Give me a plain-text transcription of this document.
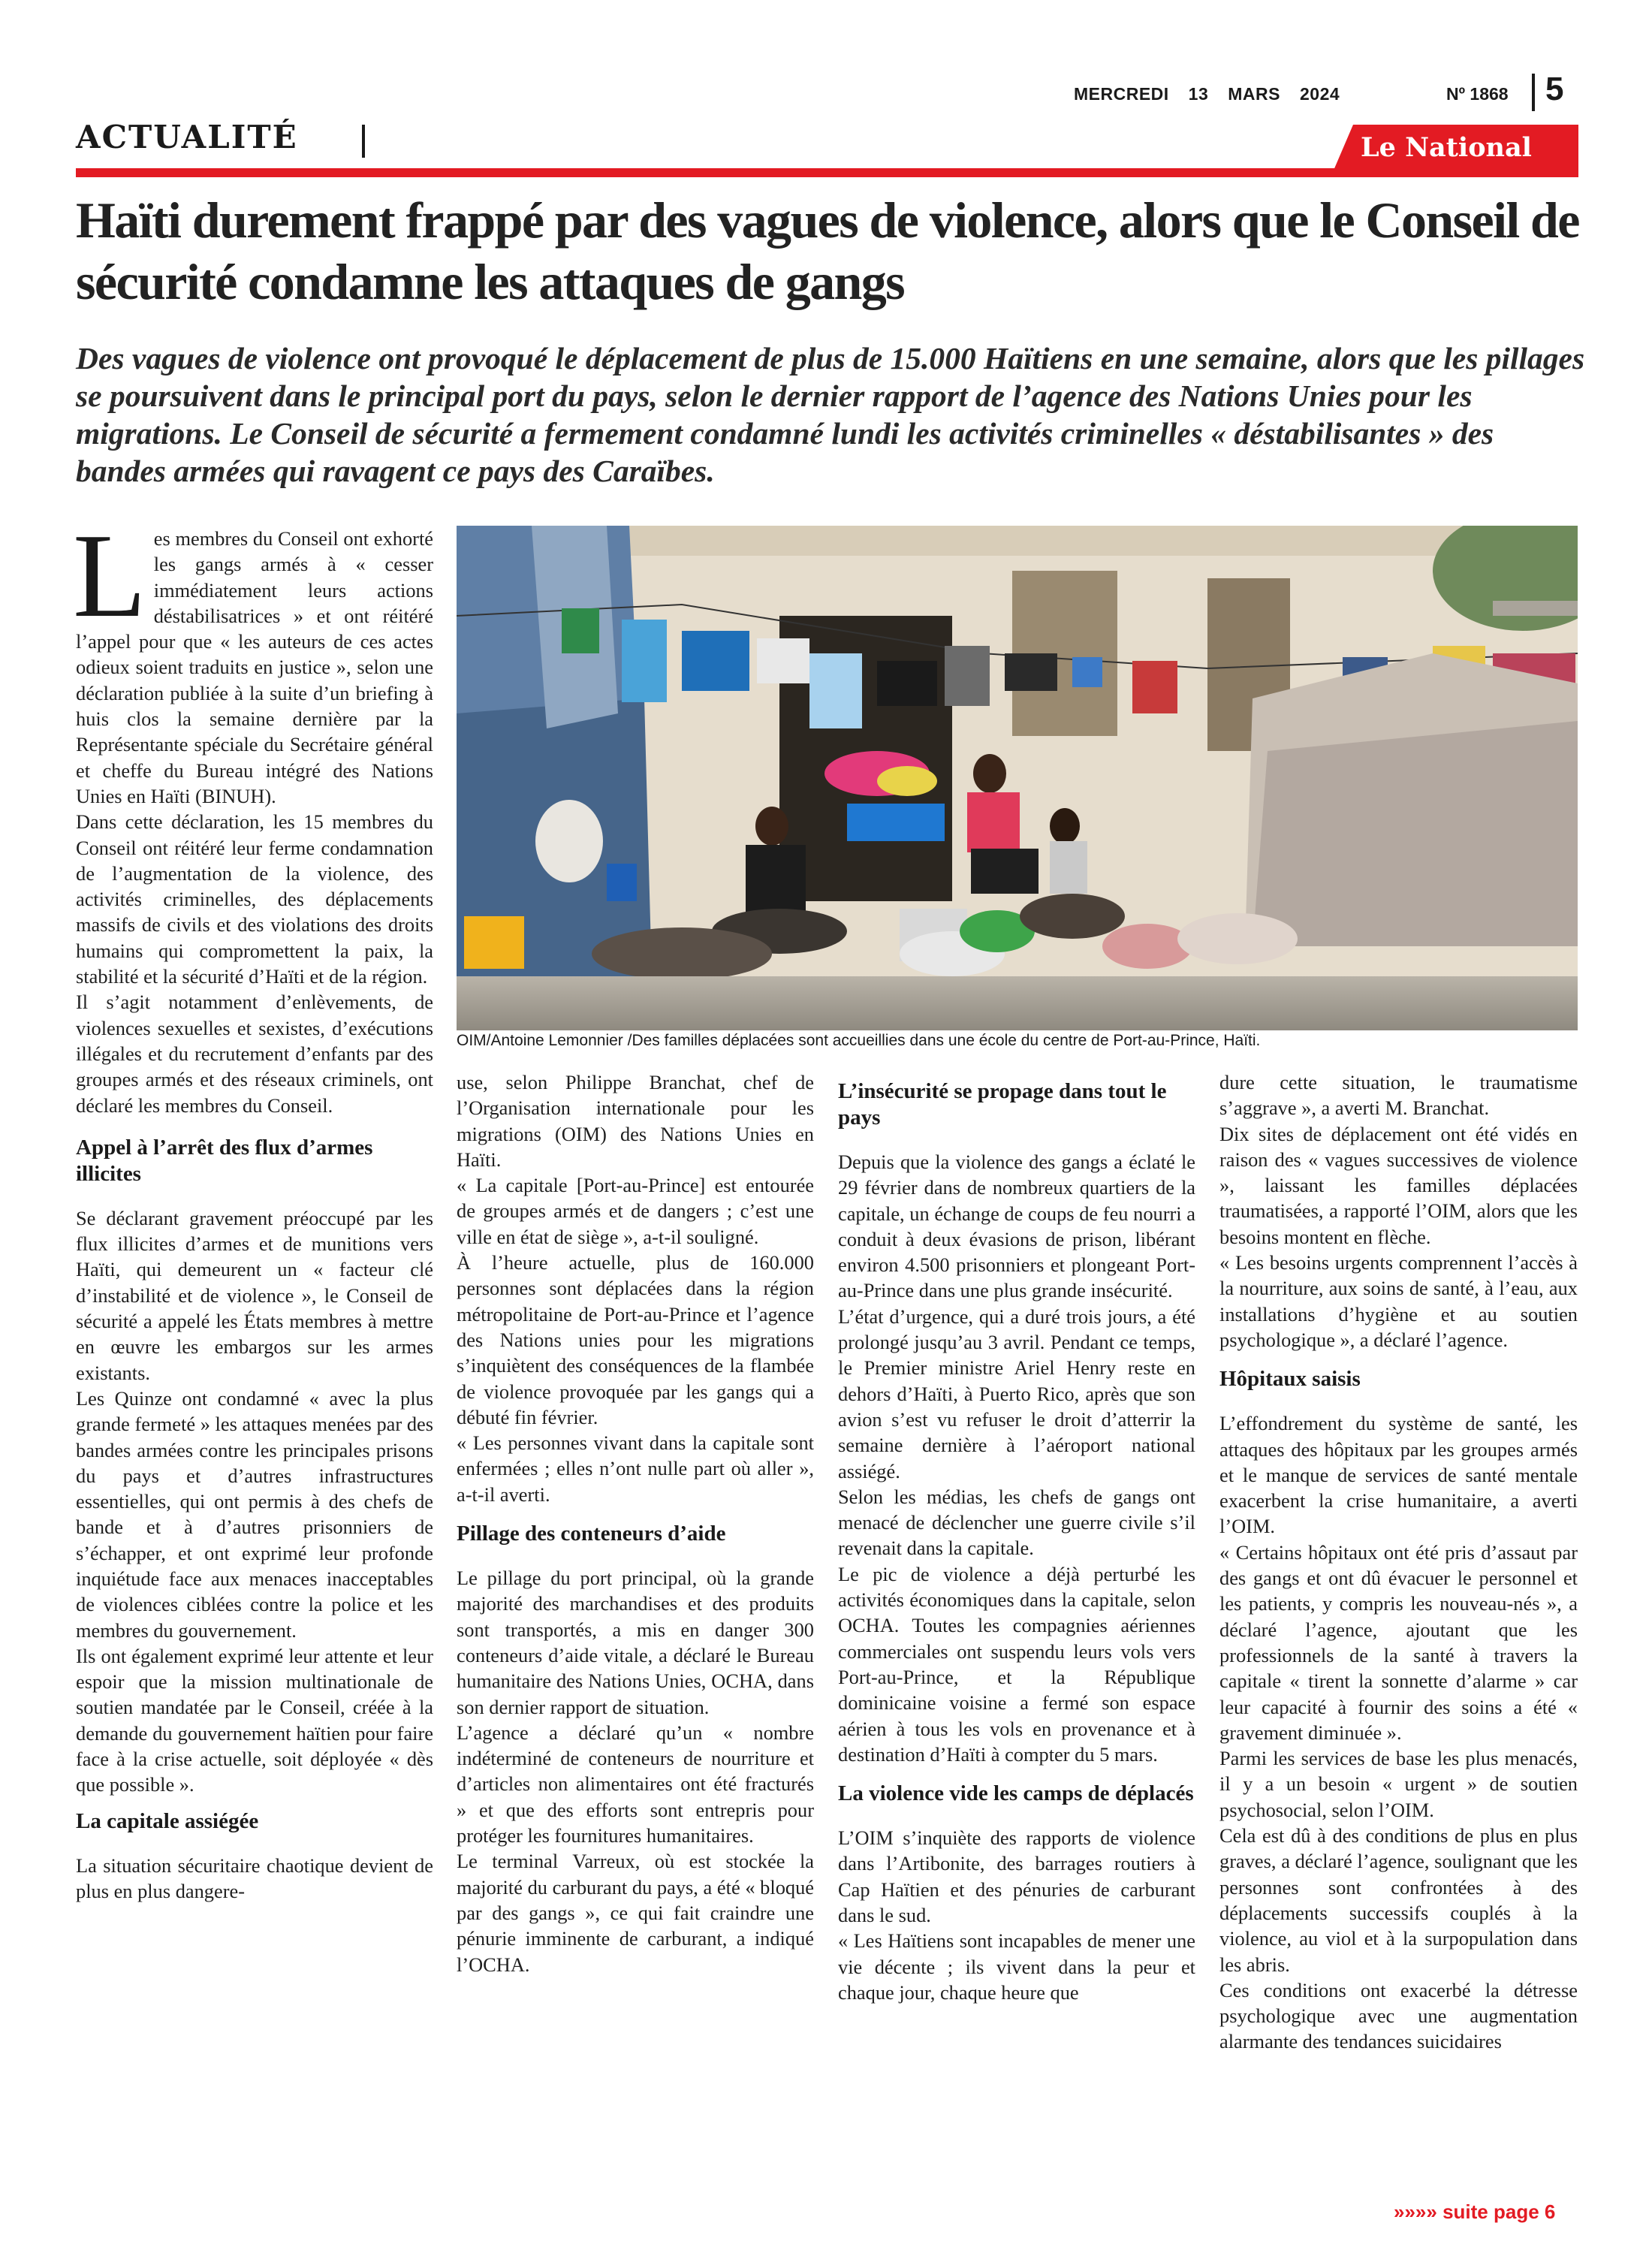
MERCREDI 13 MARS 2024	Nº 1868 5
ACTUALITÉ	Le National
Haïti durement frappé par des vagues de violence, alors que le Conseil de sécurité condamne les attaques de gangs
Des vagues de violence ont provoqué le déplacement de plus de 15.000 Haïtiens en une semaine, alors que les pillages se poursuivent dans le principal port du pays, selon le dernier rapport de l’agence des Nations Unies pour les migrations. Le Conseil de sécurité a fermement condamné lundi les activités criminelles « déstabilisantes » des bandes armées qui ravagent ce pays des Caraïbes.
L es membres du Conseil ont exhorté les gangs armés à « cesser immédiatement leurs actions déstabilisatrices » et ont réitéré l’appel pour que « les auteurs de ces actes odieux soient traduits en justice », selon une déclaration publiée à la suite d’un briefing à huis clos la semaine dernière par la Représentante spéciale du Secrétaire général et cheffe du Bureau intégré des Nations Unies en Haïti (BINUH).

Dans cette déclaration, les 15 membres du Conseil ont réitéré leur ferme condamnation de l’augmentation de la violence, des activités criminelles, des déplacements massifs de civils et des violations des droits humains qui compromettent la paix, la stabilité et la sécurité d’Haïti et de la région.

Il s’agit notamment d’enlèvements, de violences sexuelles et sexistes, d’exécutions illégales et du recrutement d’enfants par des groupes armés et des réseaux criminels, ont déclaré les membres du Conseil.

Appel à l’arrêt des flux d’armes illicites

Se déclarant gravement préoccupé par les flux illicites d’armes et de munitions vers Haïti, qui demeurent un « facteur clé d’instabilité et de violence », le Conseil de sécurité a appelé les États membres à mettre en œuvre les embargos sur les armes existants.

Les Quinze ont condamné « avec la plus grande fermeté » les attaques menées par des bandes armées contre les principales prisons du pays et d’autres infrastructures essentielles, qui ont permis à des chefs de bande et à d’autres prisonniers de s’échapper, et ont exprimé leur profonde inquiétude face aux menaces inacceptables de violences ciblées contre la police et les membres du gouvernement.

Ils ont également exprimé leur attente et leur espoir que la mission multinationale de soutien mandatée par le Conseil, créée à la demande du gouvernement haïtien pour faire face à la crise actuelle, soit déployée « dès que possible ».

La capitale assiégée

La situation sécuritaire chaotique devient de plus en plus dangere-

OIM/Antoine Lemonnier /Des familles déplacées sont accueillies dans une école du centre de Port-au-Prince, Haïti.

use, selon Philippe Branchat, chef de l’Organisation internationale pour les migrations (OIM) des Nations Unies en Haïti.

« La capitale [Port-au-Prince] est entourée de groupes armés et de dangers ; c’est une ville en état de siège », a-t-il souligné.

À l’heure actuelle, plus de 160.000 personnes sont déplacées dans la région métropolitaine de Port-au-Prince et l’agence des Nations unies pour les migrations s’inquiètent des conséquences de la flambée de violence provoquée par les gangs qui a débuté fin février.

« Les personnes vivant dans la capitale sont enfermées ; elles n’ont nulle part où aller », a-t-il averti.

Pillage des conteneurs d’aide

Le pillage du port principal, où la grande majorité des marchandises et des produits sont transportés, a mis en danger 300 conteneurs d’aide vitale, a déclaré le Bureau humanitaire des Nations Unies, OCHA, dans son dernier rapport de situation.

L’agence a déclaré qu’un « nombre indéterminé de conteneurs de nourriture et d’articles non alimentaires ont été fracturés » et que des efforts sont entrepris pour protéger les fournitures humanitaires.

Le terminal Varreux, où est stockée la majorité du carburant du pays, a été « bloqué par des gangs », ce qui fait craindre une pénurie imminente de carburant, a indiqué l’OCHA.

L’insécurité se propage dans tout le pays

Depuis que la violence des gangs a éclaté le 29 février dans de nombreux quartiers de la capitale, un échange de coups de feu nourri a conduit à deux évasions de prison, libérant environ 4.500 prisonniers et plongeant Port-au-Prince dans une plus grande insécurité.

L’état d’urgence, qui a duré trois jours, a été prolongé jusqu’au 3 avril. Pendant ce temps, le Premier ministre Ariel Henry reste en dehors d’Haïti, à Puerto Rico, après que son avion s’est vu refuser le droit d’atterrir la semaine dernière à l’aéroport national assiégé.

Selon les médias, les chefs de gangs ont menacé de déclencher une guerre civile s’il revenait dans la capitale.

Le pic de violence a déjà perturbé les activités économiques dans la capitale, selon OCHA. Toutes les compagnies aériennes commerciales ont suspendu leurs vols vers Port-au-Prince, et la République dominicaine voisine a fermé son espace aérien à tous les vols en provenance et à destination d’Haïti à compter du 5 mars.

La violence vide les camps de déplacés

L’OIM s’inquiète des rapports de violence dans l’Artibonite, des barrages routiers à Cap Haïtien et des pénuries de carburant dans le sud.

« Les Haïtiens sont incapables de mener une vie décente ; ils vivent dans la peur et chaque jour, chaque heure que

dure cette situation, le traumatisme s’aggrave », a averti M. Branchat.

Dix sites de déplacement ont été vidés en raison des « vagues successives de violence », laissant les familles déplacées traumatisées, a rapporté l’OIM, alors que les besoins montent en flèche.

« Les besoins urgents comprennent l’accès à la nourriture, aux soins de santé, à l’eau, aux installations d’hygiène et au soutien psychologique », a déclaré l’agence.

Hôpitaux saisis

L’effondrement du système de santé, les attaques des hôpitaux par les groupes armés et le manque de services de santé mentale exacerbent la crise humanitaire, a averti l’OIM.

« Certains hôpitaux ont été pris d’assaut par des gangs et ont dû évacuer le personnel et les patients, y compris les nouveau-nés », a déclaré l’agence, ajoutant que les professionnels de la santé à travers la capitale « tirent la sonnette d’alarme » car leur capacité à fournir des soins a été « gravement diminuée ».

Parmi les services de base les plus menacés, il y a un besoin « urgent » de soutien psychosocial, selon l’OIM.

Cela est dû à des conditions de plus en plus graves, a déclaré l’agence, soulignant que les personnes sont confrontées à des déplacements successifs couplés à la violence, au viol et à la surpopulation dans les abris.

Ces conditions ont exacerbé la détresse psychologique avec une augmentation alarmante des tendances suicidaires

»»»» suite page 6
